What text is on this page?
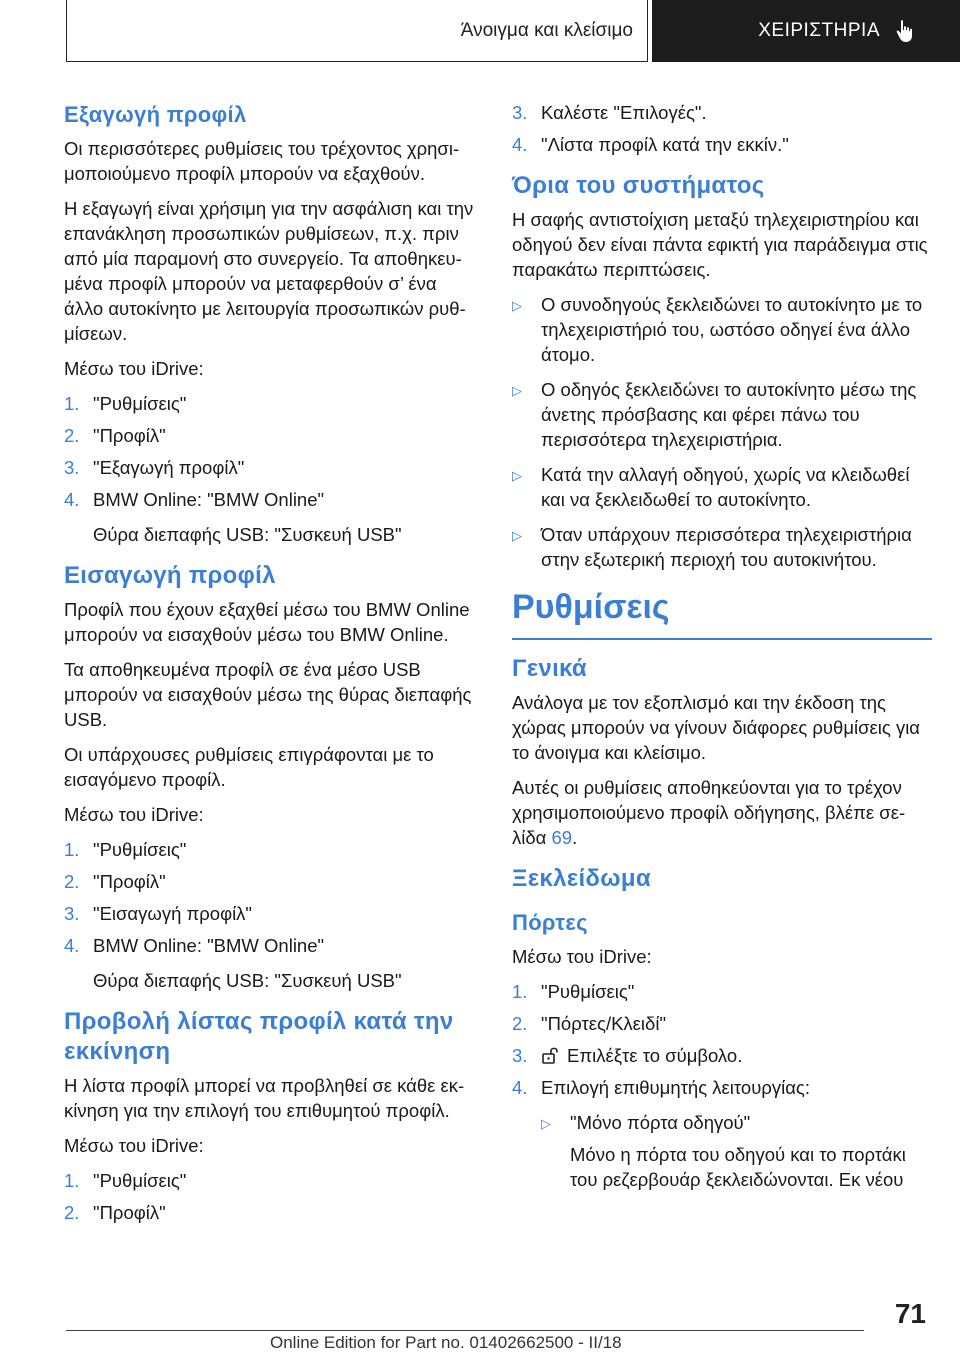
Άνοιγμα και κλείσιμο	ΧΕΙΡΙΣΤΗΡΙΑ
Εξαγωγή προφίλ

Οι περισσότερες ρυθμίσεις του τρέχοντος χρησιμοποιούμενο προφίλ μπορούν να εξαχθούν.

Η εξαγωγή είναι χρήσιμη για την ασφάλιση και την επανάκληση προσωπικών ρυθμίσεων, π.χ. πριν από μία παραμονή στο συνεργείο. Τα αποθηκευμένα προφίλ μπορούν να μεταφερθούν σ’ ένα άλλο αυτοκίνητο με λειτουργία προσωπικών ρυθμίσεων.

Μέσω του iDrive:

1. "Ρυθμίσεις"
2. "Προφίλ"
3. "Εξαγωγή προφίλ"
4. BMW Online: "BMW Online"
Θύρα διεπαφής USB: "Συσκευή USB"
Εισαγωγή προφίλ

Προφίλ που έχουν εξαχθεί μέσω του BMW Online μπορούν να εισαχθούν μέσω του BMW Online.

Τα αποθηκευμένα προφίλ σε ένα μέσο USB μπορούν να εισαχθούν μέσω της θύρας διεπαφής USB.

Οι υπάρχουσες ρυθμίσεις επιγράφονται με το εισαγόμενο προφίλ.

Μέσω του iDrive:

1. "Ρυθμίσεις"
2. "Προφίλ"
3. "Εισαγωγή προφίλ"
4. BMW Online: "BMW Online"
Θύρα διεπαφής USB: "Συσκευή USB"
Προβολή λίστας προφίλ κατά την εκκίνηση

Η λίστα προφίλ μπορεί να προβληθεί σε κάθε εκκίνηση για την επιλογή του επιθυμητού προφίλ.

Μέσω του iDrive:

1. "Ρυθμίσεις"
2. "Προφίλ"
3. Καλέστε "Επιλογές".
4. "Λίστα προφίλ κατά την εκκίν."
Όρια του συστήματος

Η σαφής αντιστοίχιση μεταξύ τηλεχειριστηρίου και οδηγού δεν είναι πάντα εφικτή για παράδειγμα στις παρακάτω περιπτώσεις.

▷	Ο συνοδηγούς ξεκλειδώνει το αυτοκίνητο με το τηλεχειριστήριό του, ωστόσο οδηγεί ένα άλλο άτομο.
▷	Ο οδηγός ξεκλειδώνει το αυτοκίνητο μέσω της άνετης πρόσβασης και φέρει πάνω του περισσότερα τηλεχειριστήρια.
▷	Κατά την αλλαγή οδηγού, χωρίς να κλειδωθεί και να ξεκλειδωθεί το αυτοκίνητο.
▷	Όταν υπάρχουν περισσότερα τηλεχειριστήρια στην εξωτερική περιοχή του αυτοκινήτου.
Ρυθμίσεις
Γενικά

Ανάλογα με τον εξοπλισμό και την έκδοση της χώρας μπορούν να γίνουν διάφορες ρυθμίσεις για το άνοιγμα και κλείσιμο.

Αυτές οι ρυθμίσεις αποθηκεύονται για το τρέχον χρησιμοποιούμενο προφίλ οδήγησης, βλέπε σελίδα 69.

Ξεκλείδωμα
Πόρτες

Μέσω του iDrive:

1. "Ρυθμίσεις"
2. "Πόρτες/Κλειδί"
3.	Επιλέξτε το σύμβολο.
4. Επιλογή επιθυμητής λειτουργίας:
▷	"Μόνο πόρτα οδηγού"
Μόνο η πόρτα του οδηγού και το πορτάκι του ρεζερβουάρ ξεκλειδώνονται. Εκ νέου
71
Online Edition for Part no. 01402662500 - II/18
